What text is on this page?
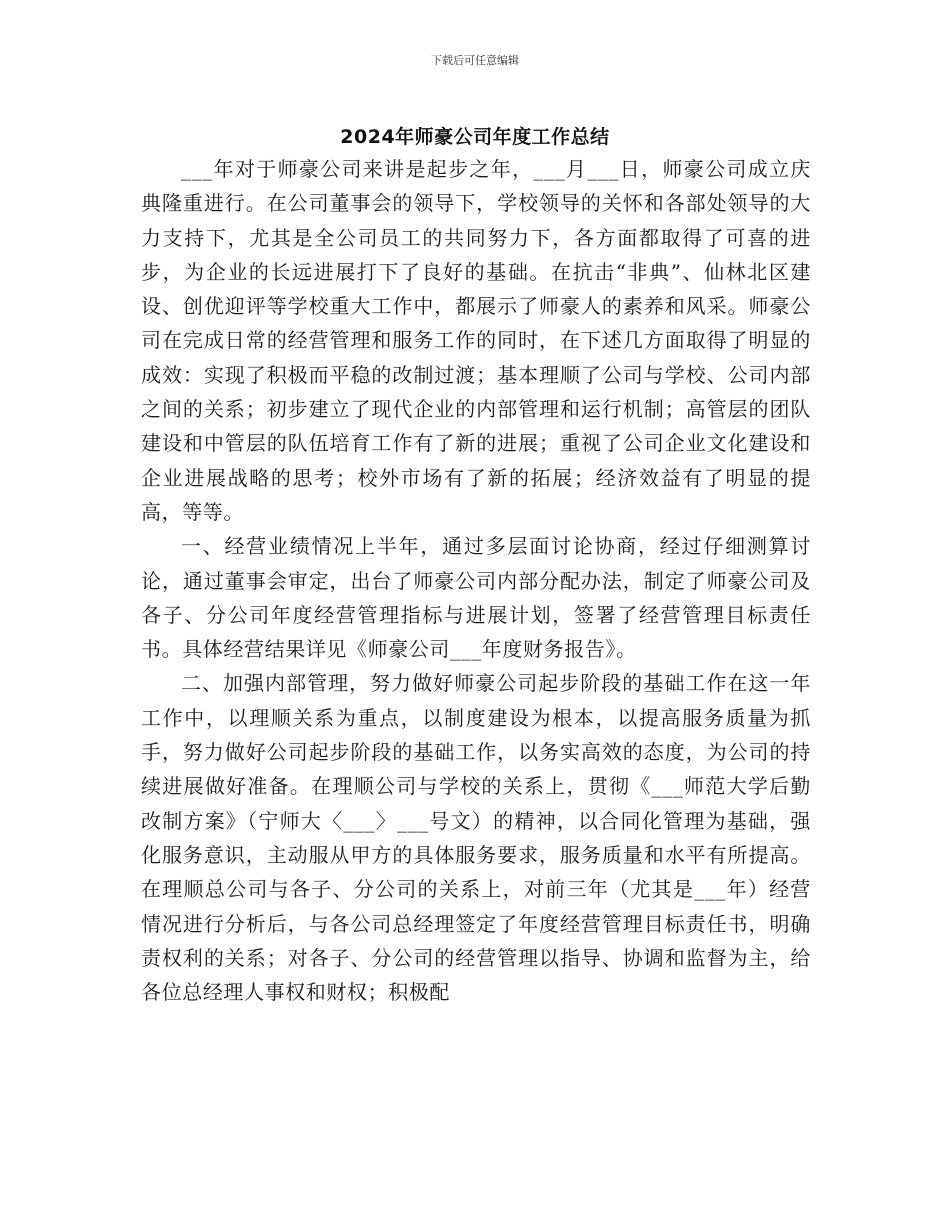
下载后可任意编辑
2024年师豪公司年度工作总结

___年对于师豪公司来讲是起步之年，___月___日，师豪公司成立庆典隆重进行。在公司董事会的领导下，学校领导的关怀和各部处领导的大力支持下，尤其是全公司员工的共同努力下，各方面都取得了可喜的进步，为企业的长远进展打下了良好的基础。在抗击“非典”、仙林北区建设、创优迎评等学校重大工作中，都展示了师豪人的素养和风采。师豪公司在完成日常的经营管理和服务工作的同时，在下述几方面取得了明显的成效：实现了积极而平稳的改制过渡；基本理顺了公司与学校、公司内部之间的关系；初步建立了现代企业的内部管理和运行机制；高管层的团队建设和中管层的队伍培育工作有了新的进展；重视了公司企业文化建设和企业进展战略的思考；校外市场有了新的拓展；经济效益有了明显的提高，等等。

一、经营业绩情况上半年，通过多层面讨论协商，经过仔细测算讨论，通过董事会审定，出台了师豪公司内部分配办法，制定了师豪公司及各子、分公司年度经营管理指标与进展计划，签署了经营管理目标责任书。具体经营结果详见《师豪公司___年度财务报告》。

二、加强内部管理，努力做好师豪公司起步阶段的基础工作在这一年工作中，以理顺关系为重点，以制度建设为根本，以提高服务质量为抓手，努力做好公司起步阶段的基础工作，以务实高效的态度，为公司的持续进展做好准备。在理顺公司与学校的关系上，贯彻《___师范大学后勤改制方案》（宁师大〈___〉___号文）的精神，以合同化管理为基础，强化服务意识，主动服从甲方的具体服务要求，服务质量和水平有所提高。在理顺总公司与各子、分公司的关系上，对前三年（尤其是___年）经营情况进行分析后，与各公司总经理签定了年度经营管理目标责任书，明确责权利的关系；对各子、分公司的经营管理以指导、协调和监督为主，给各位总经理人事权和财权；积极配
